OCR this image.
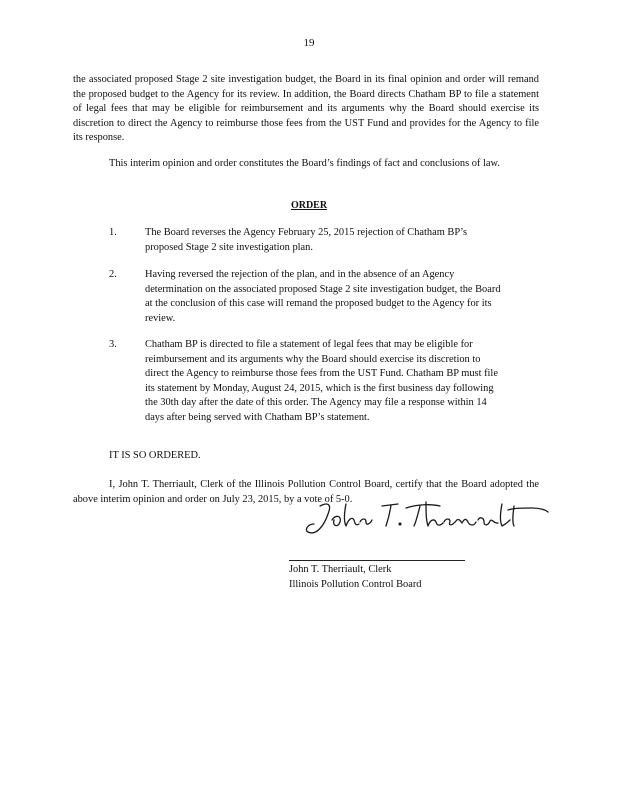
19
the associated proposed Stage 2 site investigation budget, the Board in its final opinion and order will remand the proposed budget to the Agency for its review. In addition, the Board directs Chatham BP to file a statement of legal fees that may be eligible for reimbursement and its arguments why the Board should exercise its discretion to direct the Agency to reimburse those fees from the UST Fund and provides for the Agency to file its response.
This interim opinion and order constitutes the Board’s findings of fact and conclusions of law.
ORDER
1.	The Board reverses the Agency February 25, 2015 rejection of Chatham BP’s proposed Stage 2 site investigation plan.
2.	Having reversed the rejection of the plan, and in the absence of an Agency determination on the associated proposed Stage 2 site investigation budget, the Board at the conclusion of this case will remand the proposed budget to the Agency for its review.
3.	Chatham BP is directed to file a statement of legal fees that may be eligible for reimbursement and its arguments why the Board should exercise its discretion to direct the Agency to reimburse those fees from the UST Fund. Chatham BP must file its statement by Monday, August 24, 2015, which is the first business day following the 30th day after the date of this order. The Agency may file a response within 14 days after being served with Chatham BP’s statement.
IT IS SO ORDERED.
I, John T. Therriault, Clerk of the Illinois Pollution Control Board, certify that the Board adopted the above interim opinion and order on July 23, 2015, by a vote of 5-0.
John T. Therriault, Clerk
Illinois Pollution Control Board
